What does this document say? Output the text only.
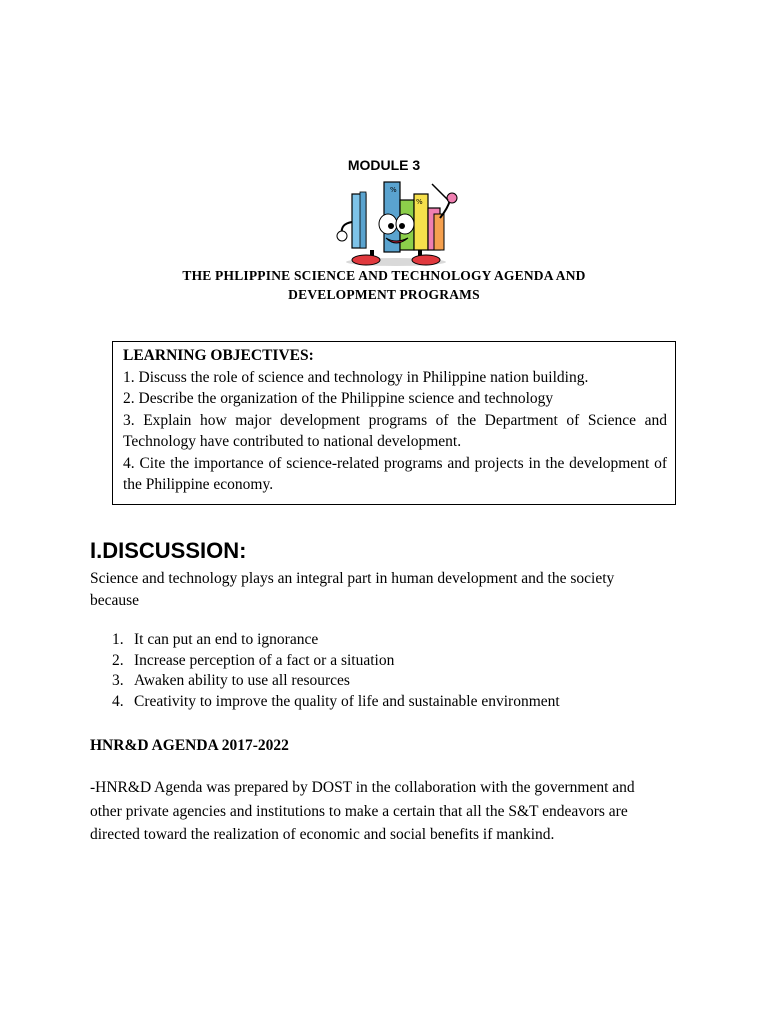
MODULE 3
%
%
THE PHLIPPINE SCIENCE AND TECHNOLOGY AGENDA AND
DEVELOPMENT PROGRAMS
LEARNING OBJECTIVES:
1. Discuss the role of science and technology in Philippine nation building.
2. Describe the organization of the Philippine science and technology
3. Explain how major development programs of the Department of Science and Technology have contributed to national development.
4. Cite the importance of science-related programs and projects in the development of the Philippine economy.
I.DISCUSSION:
Science and technology plays an integral part in human development and the society because
1. It can put an end to ignorance
2. Increase perception of a fact or a situation
3. Awaken ability to use all resources
4. Creativity to improve the quality of life and sustainable environment
HNR&D AGENDA 2017-2022
-HNR&D Agenda was prepared by DOST in the collaboration with the government and other private agencies and institutions to make a certain that all the S&T endeavors are directed toward the realization of economic and social benefits if mankind.
